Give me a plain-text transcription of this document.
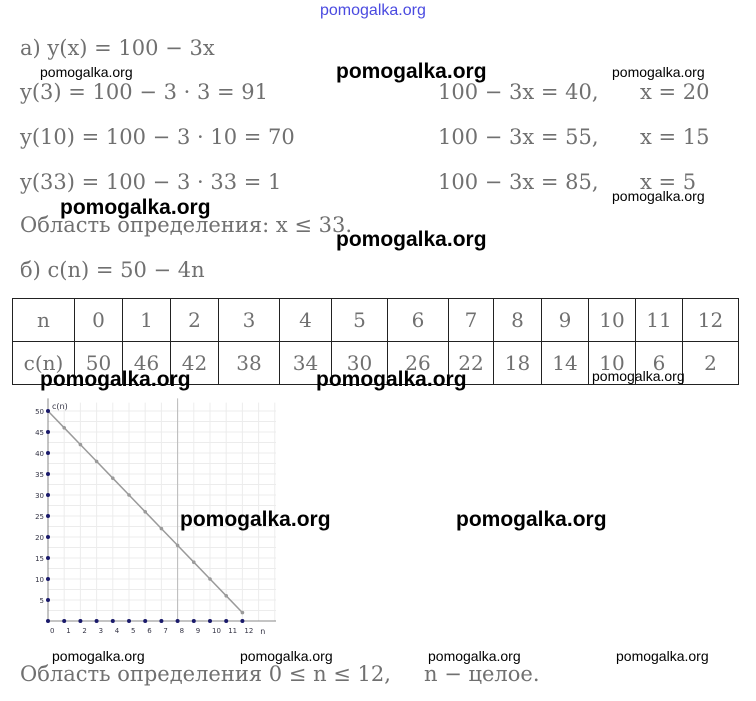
pomogalka.org
а) y(x) = 100 − 3x
y(3) = 100 − 3 · 3 = 91	100 − 3x = 40, x = 20
y(10) = 100 − 3 · 10 = 70	100 − 3x = 55, x = 15
y(33) = 100 − 3 · 33 = 1	100 − 3x = 85, x = 5
Область определения: x ≤ 33.
б) c(n) = 50 − 4n
n	0	1	2	3	4	5	6	7	8	9	10	11	12
c(n)	50	46	42	38	34	30	26	22	18	14	10	6	2
0 1 2 3 4 5 6 7 8 9 10 11 12
5
10
15
20
25
30
35
40
45
50
c(n)
n
Область определения 0 ≤ n ≤ 12, n − целое.
pomogalka.org	pomogalka.org	pomogalka.org
pomogalka.org
pomogalka.org
pomogalka.org
pomogalka.org	pomogalka.org	pomogalka.org
pomogalka.org	pomogalka.org
pomogalka.org	pomogalka.org	pomogalka.org	pomogalka.org
